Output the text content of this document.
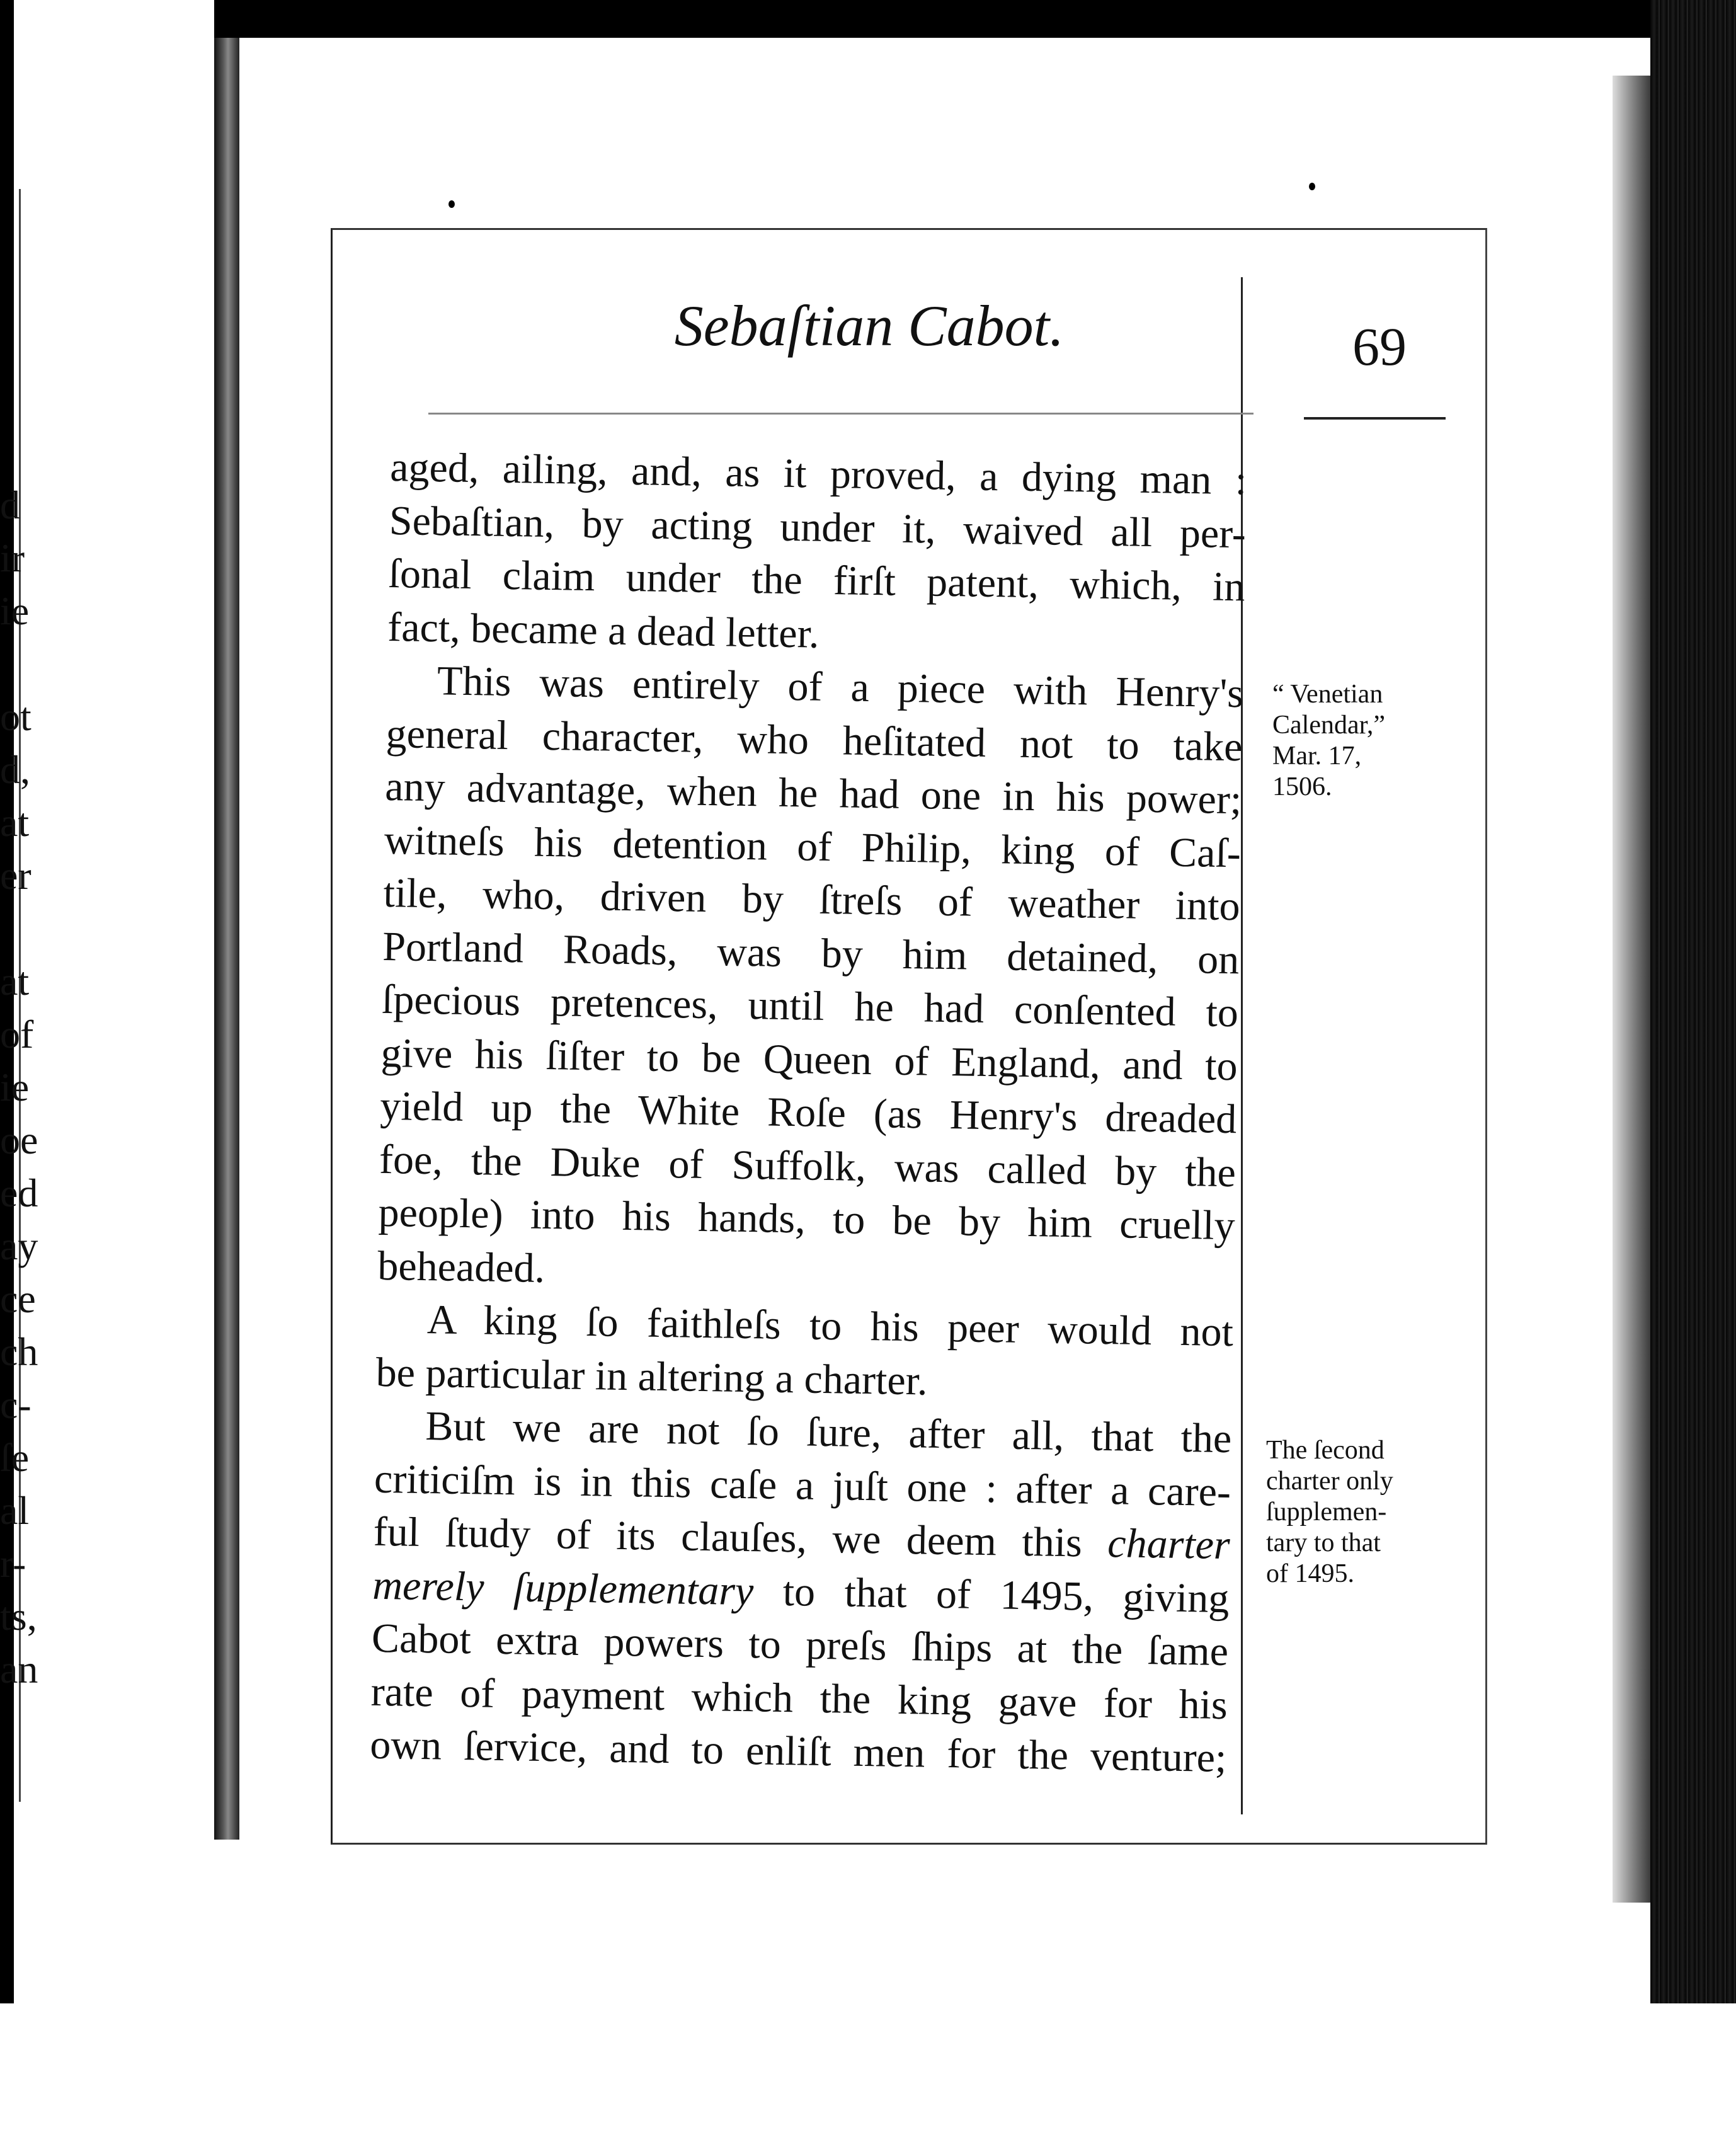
d
ir
ie
ot
d,
at
er
at
of
ie
oe
ed
ay
ce
ch
c-
ſe
al
r-
ts,
an
Sebaſtian Cabot.	69
aged, ailing, and, as it proved, a dying man :
Sebaſtian, by acting under it, waived all per-
ſonal claim under the firſt patent, which, in
fact, became a dead letter.
This was entirely of a piece with Henry's
general character, who heſitated not to take
any advantage, when he had one in his power;
witneſs his detention of Philip, king of Caſ-
tile, who, driven by ſtreſs of weather into
Portland Roads, was by him detained, on
ſpecious pretences, until he had conſented to
give his ſiſter to be Queen of England, and to
yield up the White Roſe (as Henry's dreaded
foe, the Duke of Suffolk, was called by the
people) into his hands, to be by him cruelly
beheaded.
A king ſo faithleſs to his peer would not
be particular in altering a charter.
But we are not ſo ſure, after all, that the
criticiſm is in this caſe a juſt one : after a care-
ful ſtudy of its clauſes, we deem this charter
merely ſupplementary to that of 1495, giving
Cabot extra powers to preſs ſhips at the ſame
rate of payment which the king gave for his
own ſervice, and to enliſt men for the venture;
“ Venetian
Calendar,”
Mar. 17,
1506.
The ſecond
charter only
ſupplemen-
tary to that
of 1495.
